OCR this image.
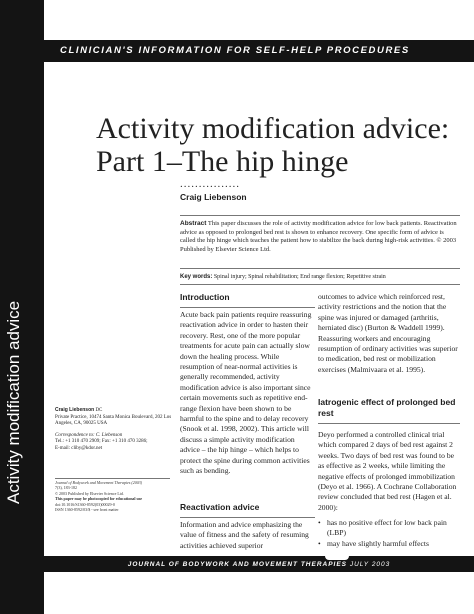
Activity modification advice
CLINICIAN'S INFORMATION FOR SELF-HELP PROCEDURES
Activity modification advice:
Part 1–The hip hinge
................
Craig Liebenson
Abstract This paper discusses the role of activity modification advice for low back patients. Reactivation advice as opposed to prolonged bed rest is shown to enhance recovery. One specific form of advice is called the hip hinge which teaches the patient how to stabilize the back during high-risk activities. © 2003 Published by Elsevier Science Ltd.
Key words: Spinal injury; Spinal rehabilitation; End range flexion; Repetitive strain
Introduction
Acute back pain patients require reassuring reactivation advice in order to hasten their recovery. Rest, one of the more popular treatments for acute pain can actually slow down the healing process. While resumption of near-normal activities is generally recommended, activity modification advice is also important since certain movements such as repetitive end-range flexion have been shown to be harmful to the spine and to delay recovery (Snook et al. 1998, 2002). This article will discuss a simple activity modification advice – the hip hinge – which helps to protect the spine during common activities such as bending.
Reactivation advice
Information and advice emphasizing the value of fitness and the safety of resuming activities achieved superior
outcomes to advice which reinforced rest, activity restrictions and the notion that the spine was injured or damaged (arthritis, herniated disc) (Burton & Waddell 1999). Reassuring workers and encouraging resumption of ordinary activities was superior to medication, bed rest or mobilization exercises (Malmivaara et al. 1995).
Iatrogenic effect of prolonged bed rest
Deyo performed a controlled clinical trial which compared 2 days of bed rest against 2 weeks. Two days of bed rest was found to be as effective as 2 weeks, while limiting the negative effects of prolonged immobilization (Deyo et al. 1966). A Cochrane Collaboration review concluded that bed rest (Hagen et al. 2000):
• has no positive effect for low back pain (LBP)
• may have slightly harmful effects
Craig Liebenson DC
Private Practice, 10474 Santa Monica Boulevard, 202 Los Angeles, CA, 90025 USA
Correspondence to: C. Liebenson
Tel.: +1 310 470 2909; Fax: +1 310 470 3286;
E-mail: cliby@kdor.net
Journal of Bodywork and Movement Therapies (2003)
7(3), 183-182
© 2003 Published by Elsevier Science Ltd.
This paper may be photocopied for educational use
doi:10.1016/S1360-8592(03)00029-0
ISSN 1360-8592/03/$ - see front matter
JOURNAL OF BODYWORK AND MOVEMENT THERAPIES JULY 2003
